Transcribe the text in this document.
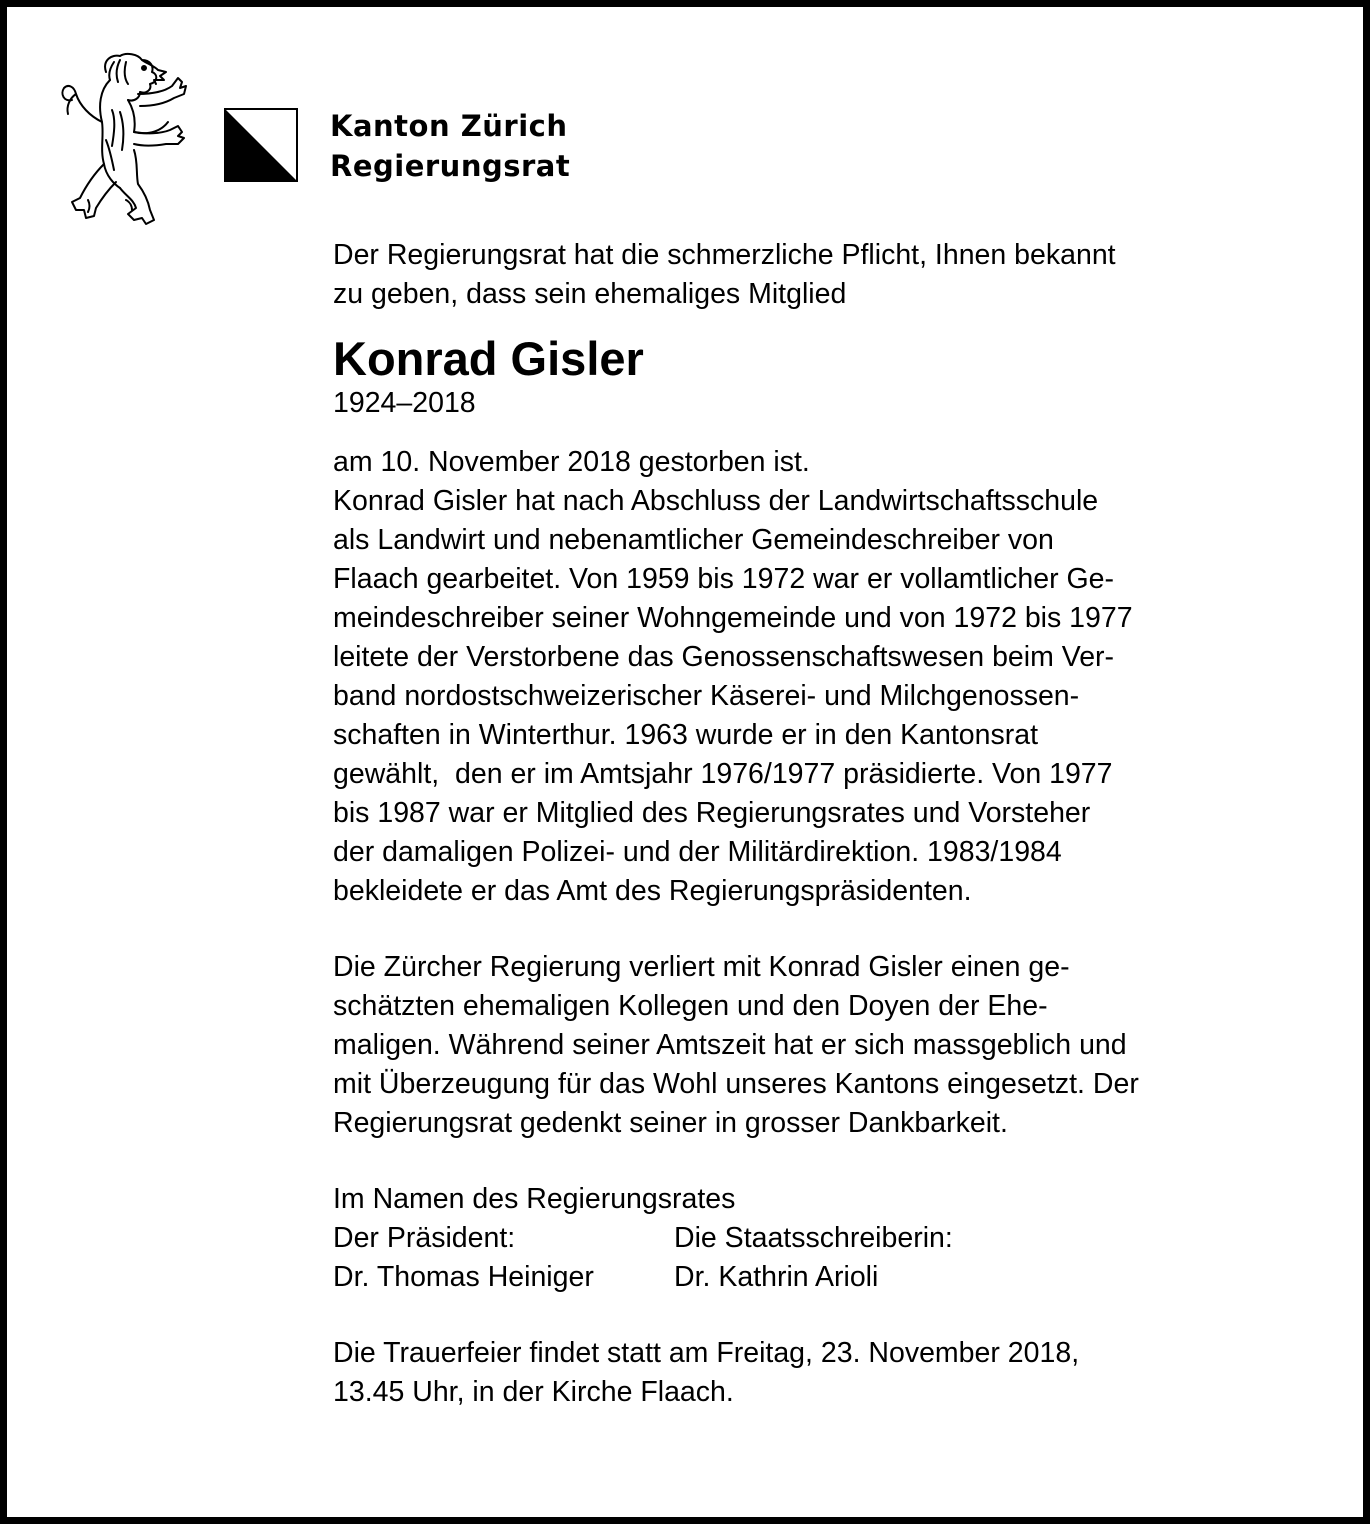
Kanton Zürich
Regierungsrat

Der Regierungsrat hat die schmerzliche Pflicht, Ihnen bekannt

zu geben, dass sein ehemaliges Mitglied

Konrad Gisler

1924–2018

am 10. November 2018 gestorben ist.

Konrad Gisler hat nach Abschluss der Landwirtschaftsschule

als Landwirt und nebenamtlicher Gemeindeschreiber von

Flaach gearbeitet. Von 1959 bis 1972 war er vollamtlicher Ge-

meindeschreiber seiner Wohngemeinde und von 1972 bis 1977

leitete der Verstorbene das Genossenschaftswesen beim Ver-

band nordostschweizerischer Käserei- und Milchgenossen-

schaften in Winterthur. 1963 wurde er in den Kantonsrat

gewählt,  den er im Amtsjahr 1976/1977 präsidierte. Von 1977

bis 1987 war er Mitglied des Regierungsrates und Vorsteher

der damaligen Polizei- und der Militärdirektion. 1983/1984

bekleidete er das Amt des Regierungspräsidenten.

Die Zürcher Regierung verliert mit Konrad Gisler einen ge-

schätzten ehemaligen Kollegen und den Doyen der Ehe-

maligen. Während seiner Amtszeit hat er sich massgeblich und

mit Überzeugung für das Wohl unseres Kantons eingesetzt. Der

Regierungsrat gedenkt seiner in grosser Dankbarkeit.

Im Namen des Regierungsrates

Der Präsident:	Die Staatsschreiberin:
Dr. Thomas Heiniger	Dr. Kathrin Arioli

Die Trauerfeier findet statt am Freitag, 23. November 2018,

13.45 Uhr, in der Kirche Flaach.
